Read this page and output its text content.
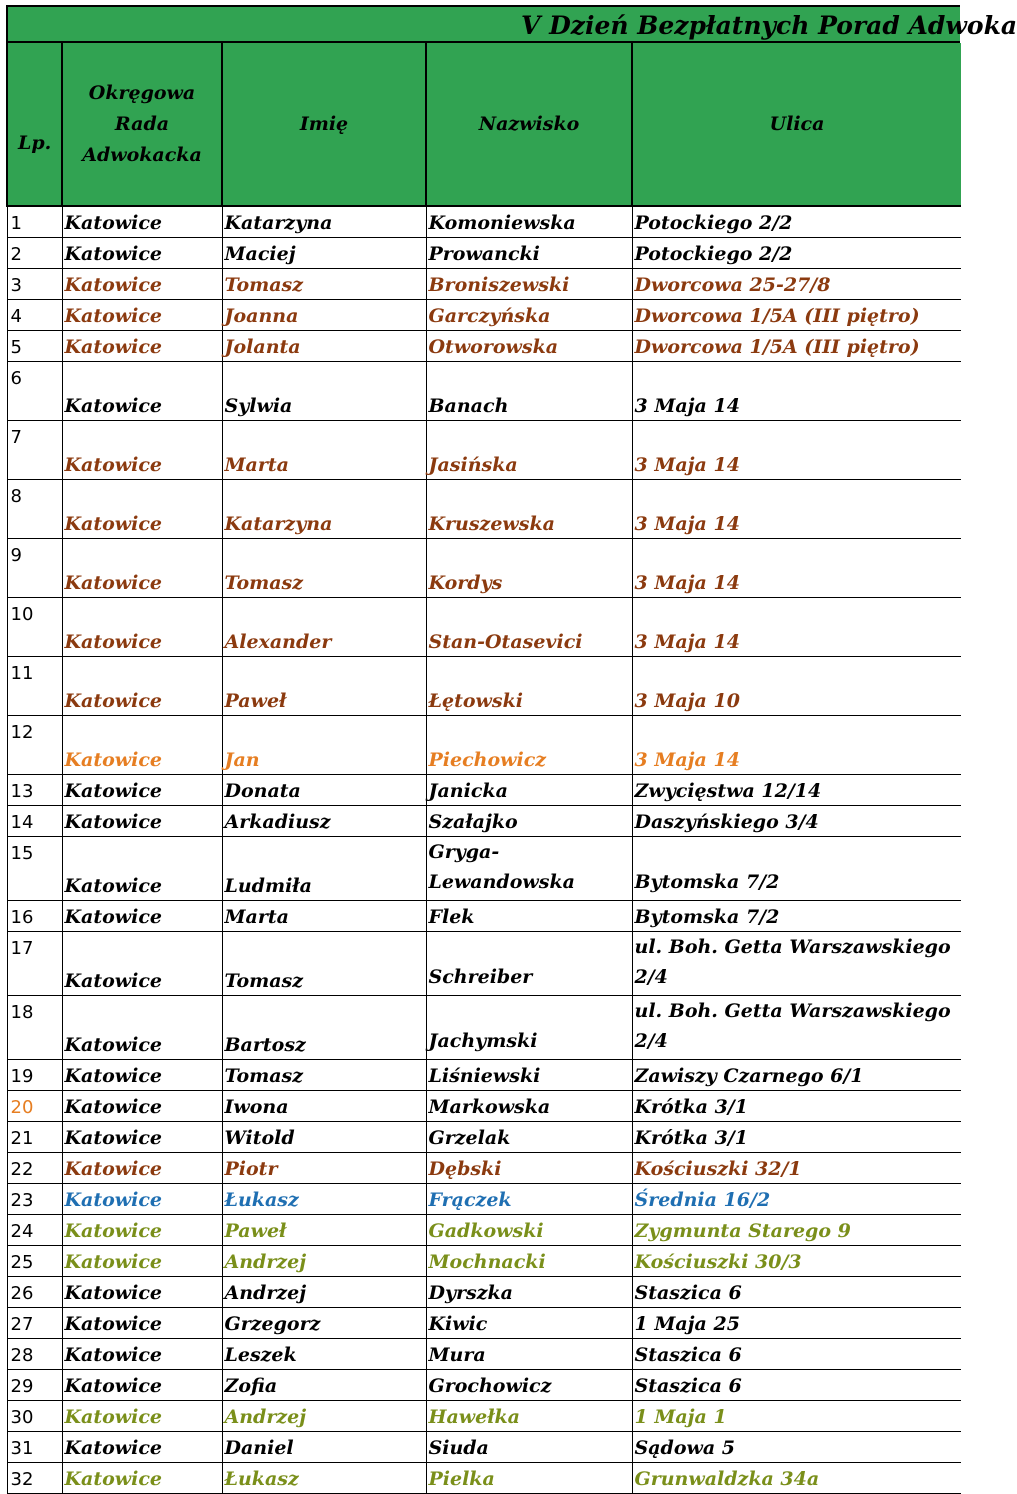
V Dzień Bezpłatnych Porad Adwoka
Lp.	Okręgowa Rada Adwokacka	Imię	Nazwisko	Ulica
1	Katowice	Katarzyna	Komoniewska	Potockiego 2/2
2	Katowice	Maciej	Prowancki	Potockiego 2/2
3	Katowice	Tomasz	Broniszewski	Dworcowa 25-27/8
4	Katowice	Joanna	Garczyńska	Dworcowa 1/5A (III piętro)
5	Katowice	Jolanta	Otworowska	Dworcowa 1/5A (III piętro)
6	Katowice	Sylwia	Banach	3 Maja 14
7	Katowice	Marta	Jasińska	3 Maja 14
8	Katowice	Katarzyna	Kruszewska	3 Maja 14
9	Katowice	Tomasz	Kordys	3 Maja 14
10	Katowice	Alexander	Stan-Otasevici	3 Maja 14
11	Katowice	Paweł	Łętowski	3 Maja 10
12	Katowice	Jan	Piechowicz	3 Maja 14
13	Katowice	Donata	Janicka	Zwycięstwa 12/14
14	Katowice	Arkadiusz	Szałajko	Daszyńskiego 3/4
15	Katowice	Ludmiła	Gryga-Lewandowska	Bytomska 7/2
16	Katowice	Marta	Flek	Bytomska 7/2
17	Katowice	Tomasz	Schreiber	ul. Boh. Getta Warszawskiego 2/4
18	Katowice	Bartosz	Jachymski	ul. Boh. Getta Warszawskiego 2/4
19	Katowice	Tomasz	Liśniewski	Zawiszy Czarnego 6/1
20	Katowice	Iwona	Markowska	Krótka 3/1
21	Katowice	Witold	Grzelak	Krótka 3/1
22	Katowice	Piotr	Dębski	Kościuszki 32/1
23	Katowice	Łukasz	Frączek	Średnia 16/2
24	Katowice	Paweł	Gadkowski	Zygmunta Starego 9
25	Katowice	Andrzej	Mochnacki	Kościuszki 30/3
26	Katowice	Andrzej	Dyrszka	Staszica 6
27	Katowice	Grzegorz	Kiwic	1 Maja 25
28	Katowice	Leszek	Mura	Staszica 6
29	Katowice	Zofia	Grochowicz	Staszica 6
30	Katowice	Andrzej	Hawełka	1 Maja 1
31	Katowice	Daniel	Siuda	Sądowa 5
32	Katowice	Łukasz	Pielka	Grunwaldzka 34a
